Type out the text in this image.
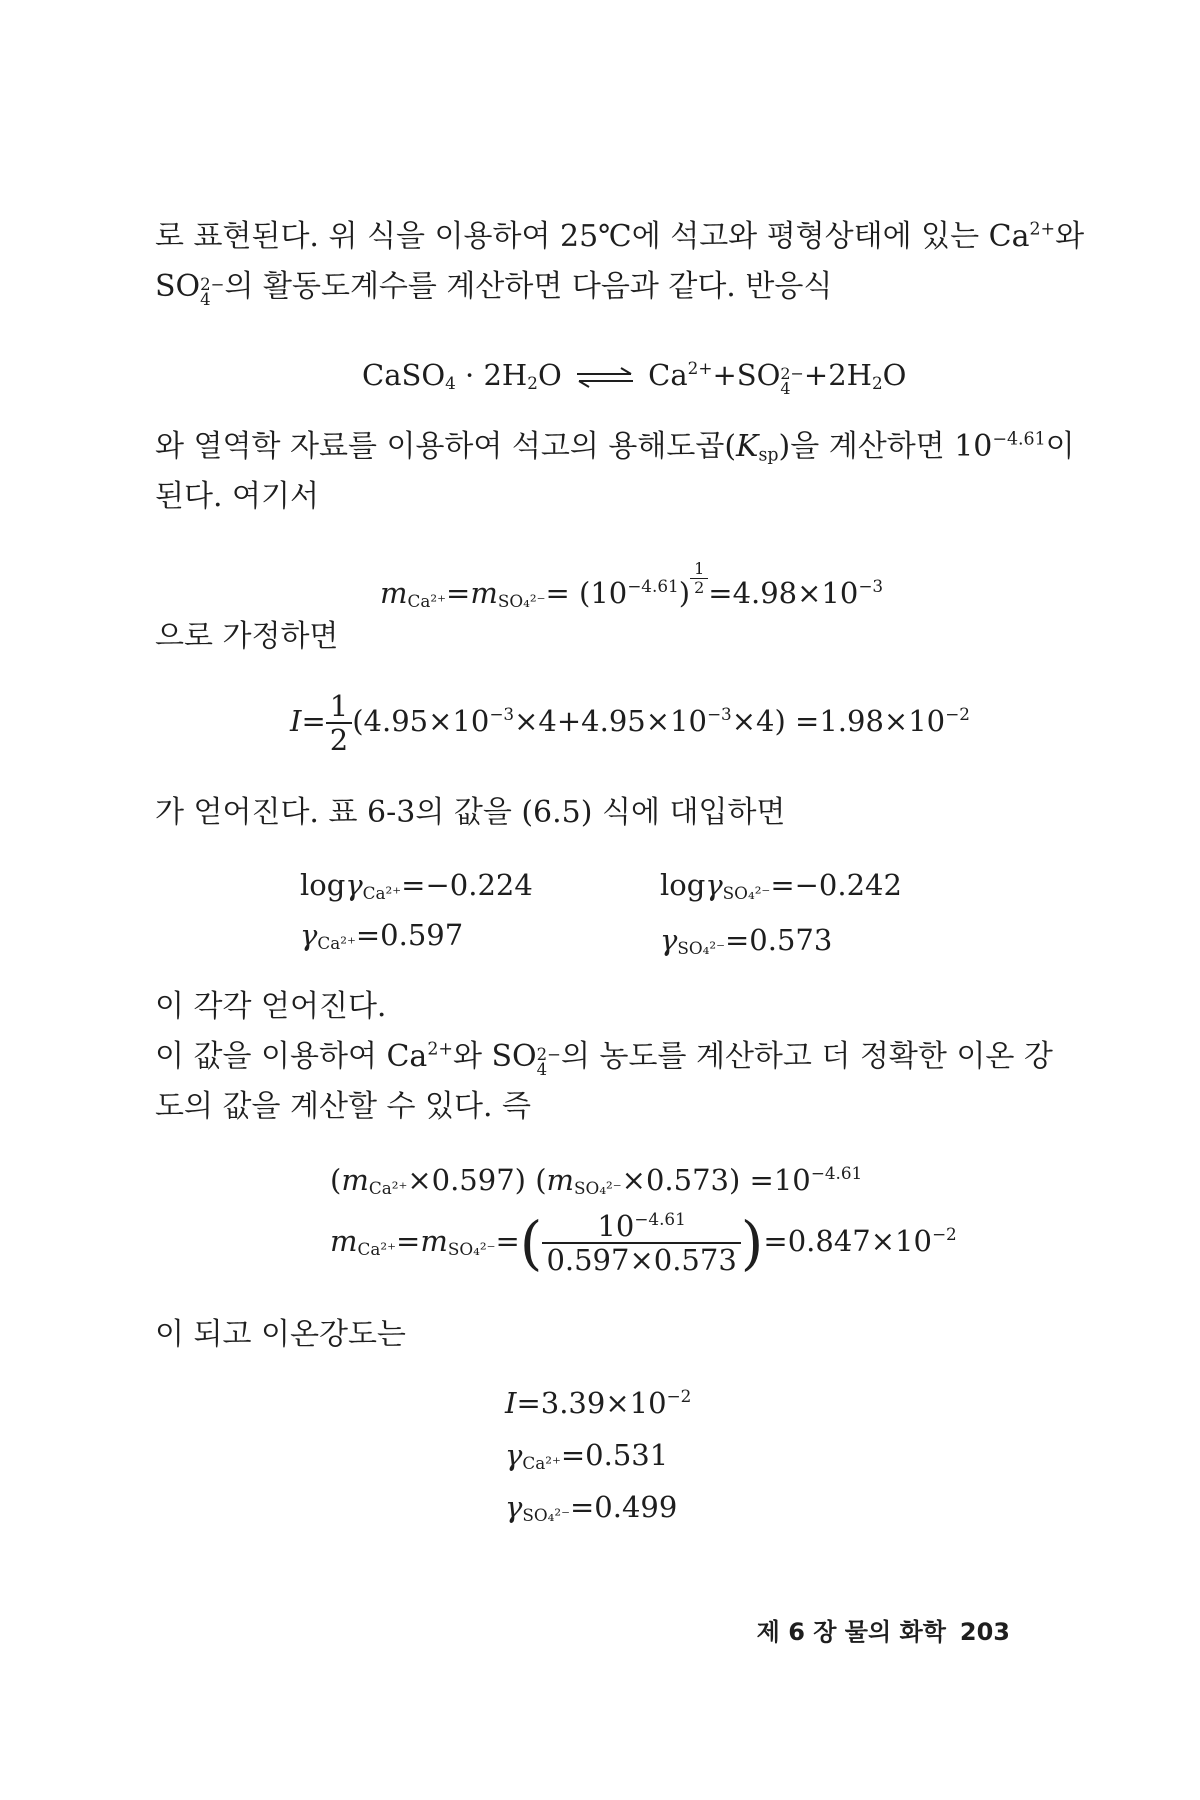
로 표현된다. 위 식을 이용하여 25℃에 석고와 평형상태에 있는 $Ca^{2+}$와
SO 2−
4 의 활동도계수를 계산하면 다음과 같다. 반응식
CaSO$_4$ · $2H_2O$ ⇌ $Ca^{2+}+SO$ 2−
$4 +2H_2O$
와 열역학 자료를 이용하여 석고의 용해도곱$(K_{sp})$을 계산하면 $10^{-4.61}$이
된다. 여기서
$m_{Ca^{2+}}=m_{SO_4^{2-}}= (10^{-4.61}) \frac{1}{2} =4.98\times 10^{-3}$
으로 가정하면
$I= \frac{1}{2} (4.95\times 10^{-3}\times 4+4.95\times 10^{-3}\times 4) =1.98\times 10^{-2}$
가 얻어진다. 표 6-3의 값을 (6.5) 식에 대입하면
logγ$_{Ca^{2+}}$=−0.224	logγ$_{SO_4^{2-}}$=−0.242
$\gamma_{Ca^{2+}}=0.597$	$\gamma_{SO_4^{2-}}=0.573$
이 각각 얻어진다.
이 값을 이용하여 $Ca^{2+}$와 SO 2−
4 의 농도를 계산하고 더 정확한 이온 강
도의 값을 계산할 수 있다. 즉
$(m_{Ca^{2+}}\times 0.597)$ $(m_{SO_4^{2-}}\times 0.573) =10^{-4.61}$
$m_{Ca^{2+}}=m_{SO_4^{2-}}=( \frac{10^{-4.61}}{0.597\times 0.573} )=0.847\times 10^{-2}$
이 되고 이온강도는
$I=3.39\times 10^{-2}$
$\gamma_{Ca^{2+}}=0.531$
$\gamma_{SO_4^{2-}}=0.499$
제 6 장 물의 화학 203
